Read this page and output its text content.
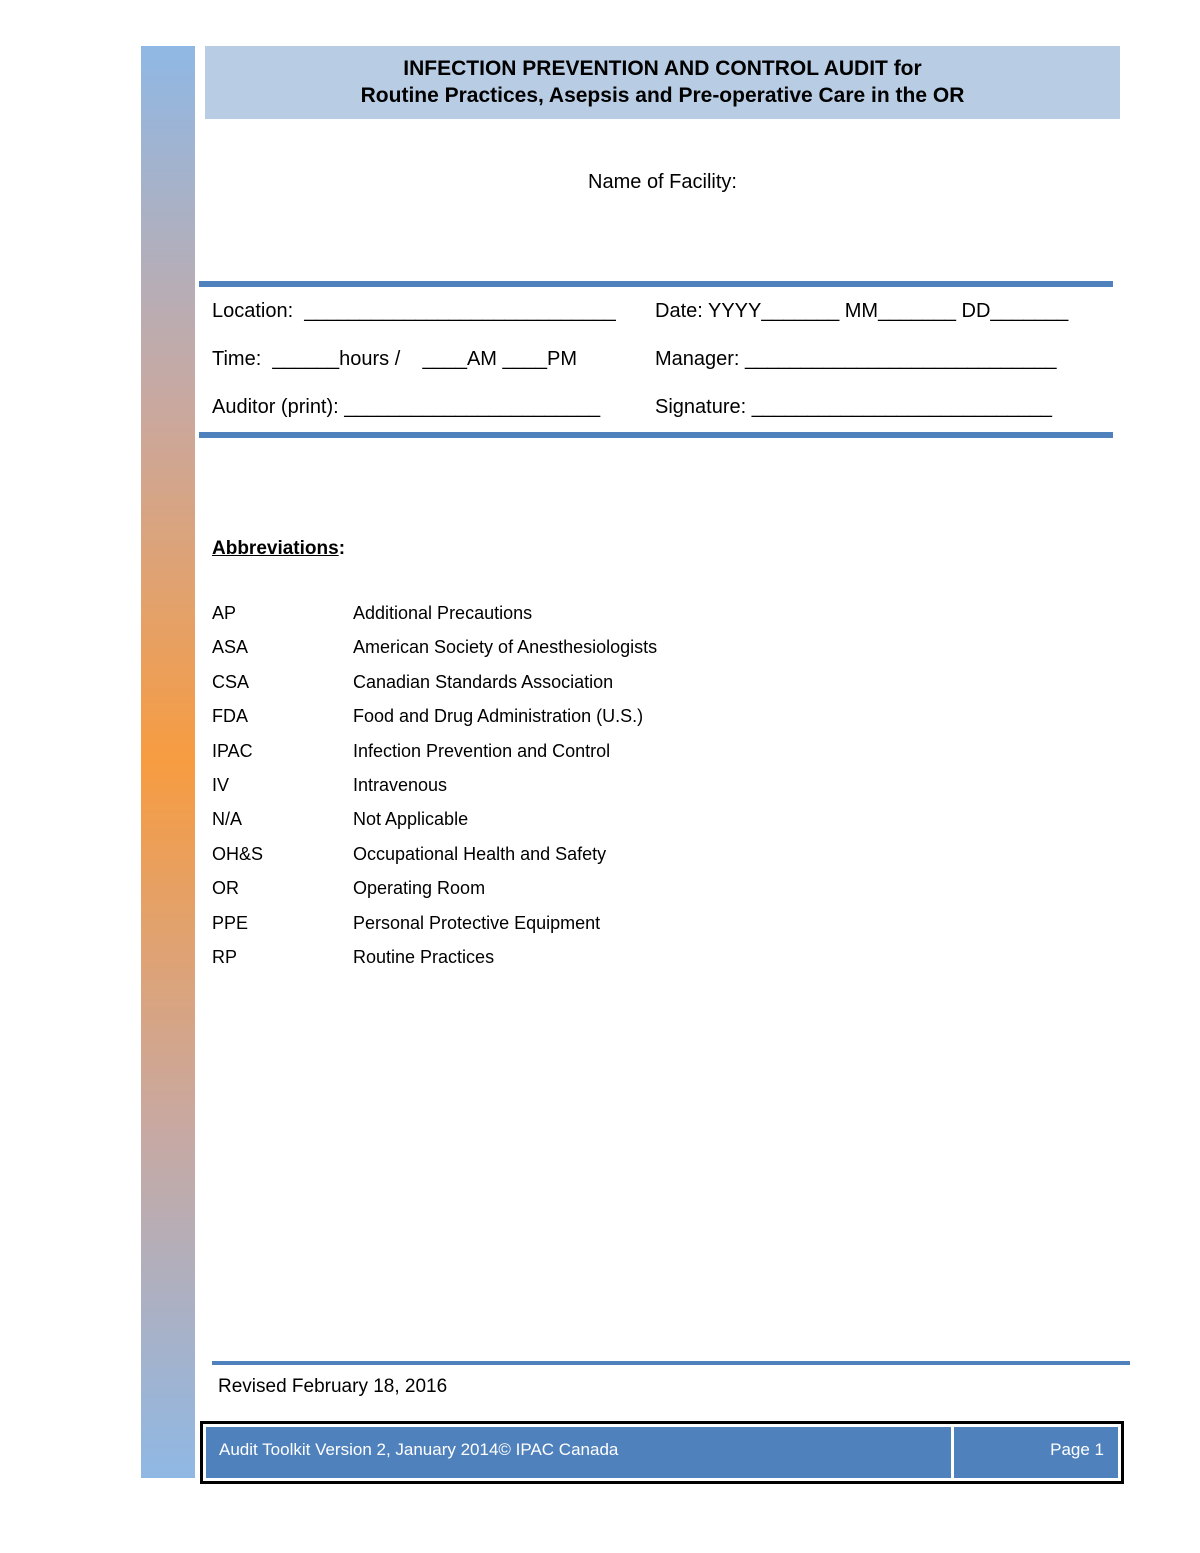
INFECTION PREVENTION AND CONTROL AUDIT for
Routine Practices, Asepsis and Pre-operative Care in the OR
Name of Facility:
Location:  ____________________________ Date: YYYY_______ MM_______ DD_______
Time:  ______hours /    ____AM ____PM	Manager: ____________________________
Auditor (print): _______________________	Signature: ___________________________
Abbreviations:
AP	Additional Precautions
ASA	American Society of Anesthesiologists
CSA	Canadian Standards Association
FDA	Food and Drug Administration (U.S.)
IPAC	Infection Prevention and Control
IV	Intravenous
N/A	Not Applicable
OH&S	Occupational Health and Safety
OR	Operating Room
PPE	Personal Protective Equipment
RP	Routine Practices
Revised February 18, 2016
Audit Toolkit Version 2, January 2014© IPAC Canada	Page 1
